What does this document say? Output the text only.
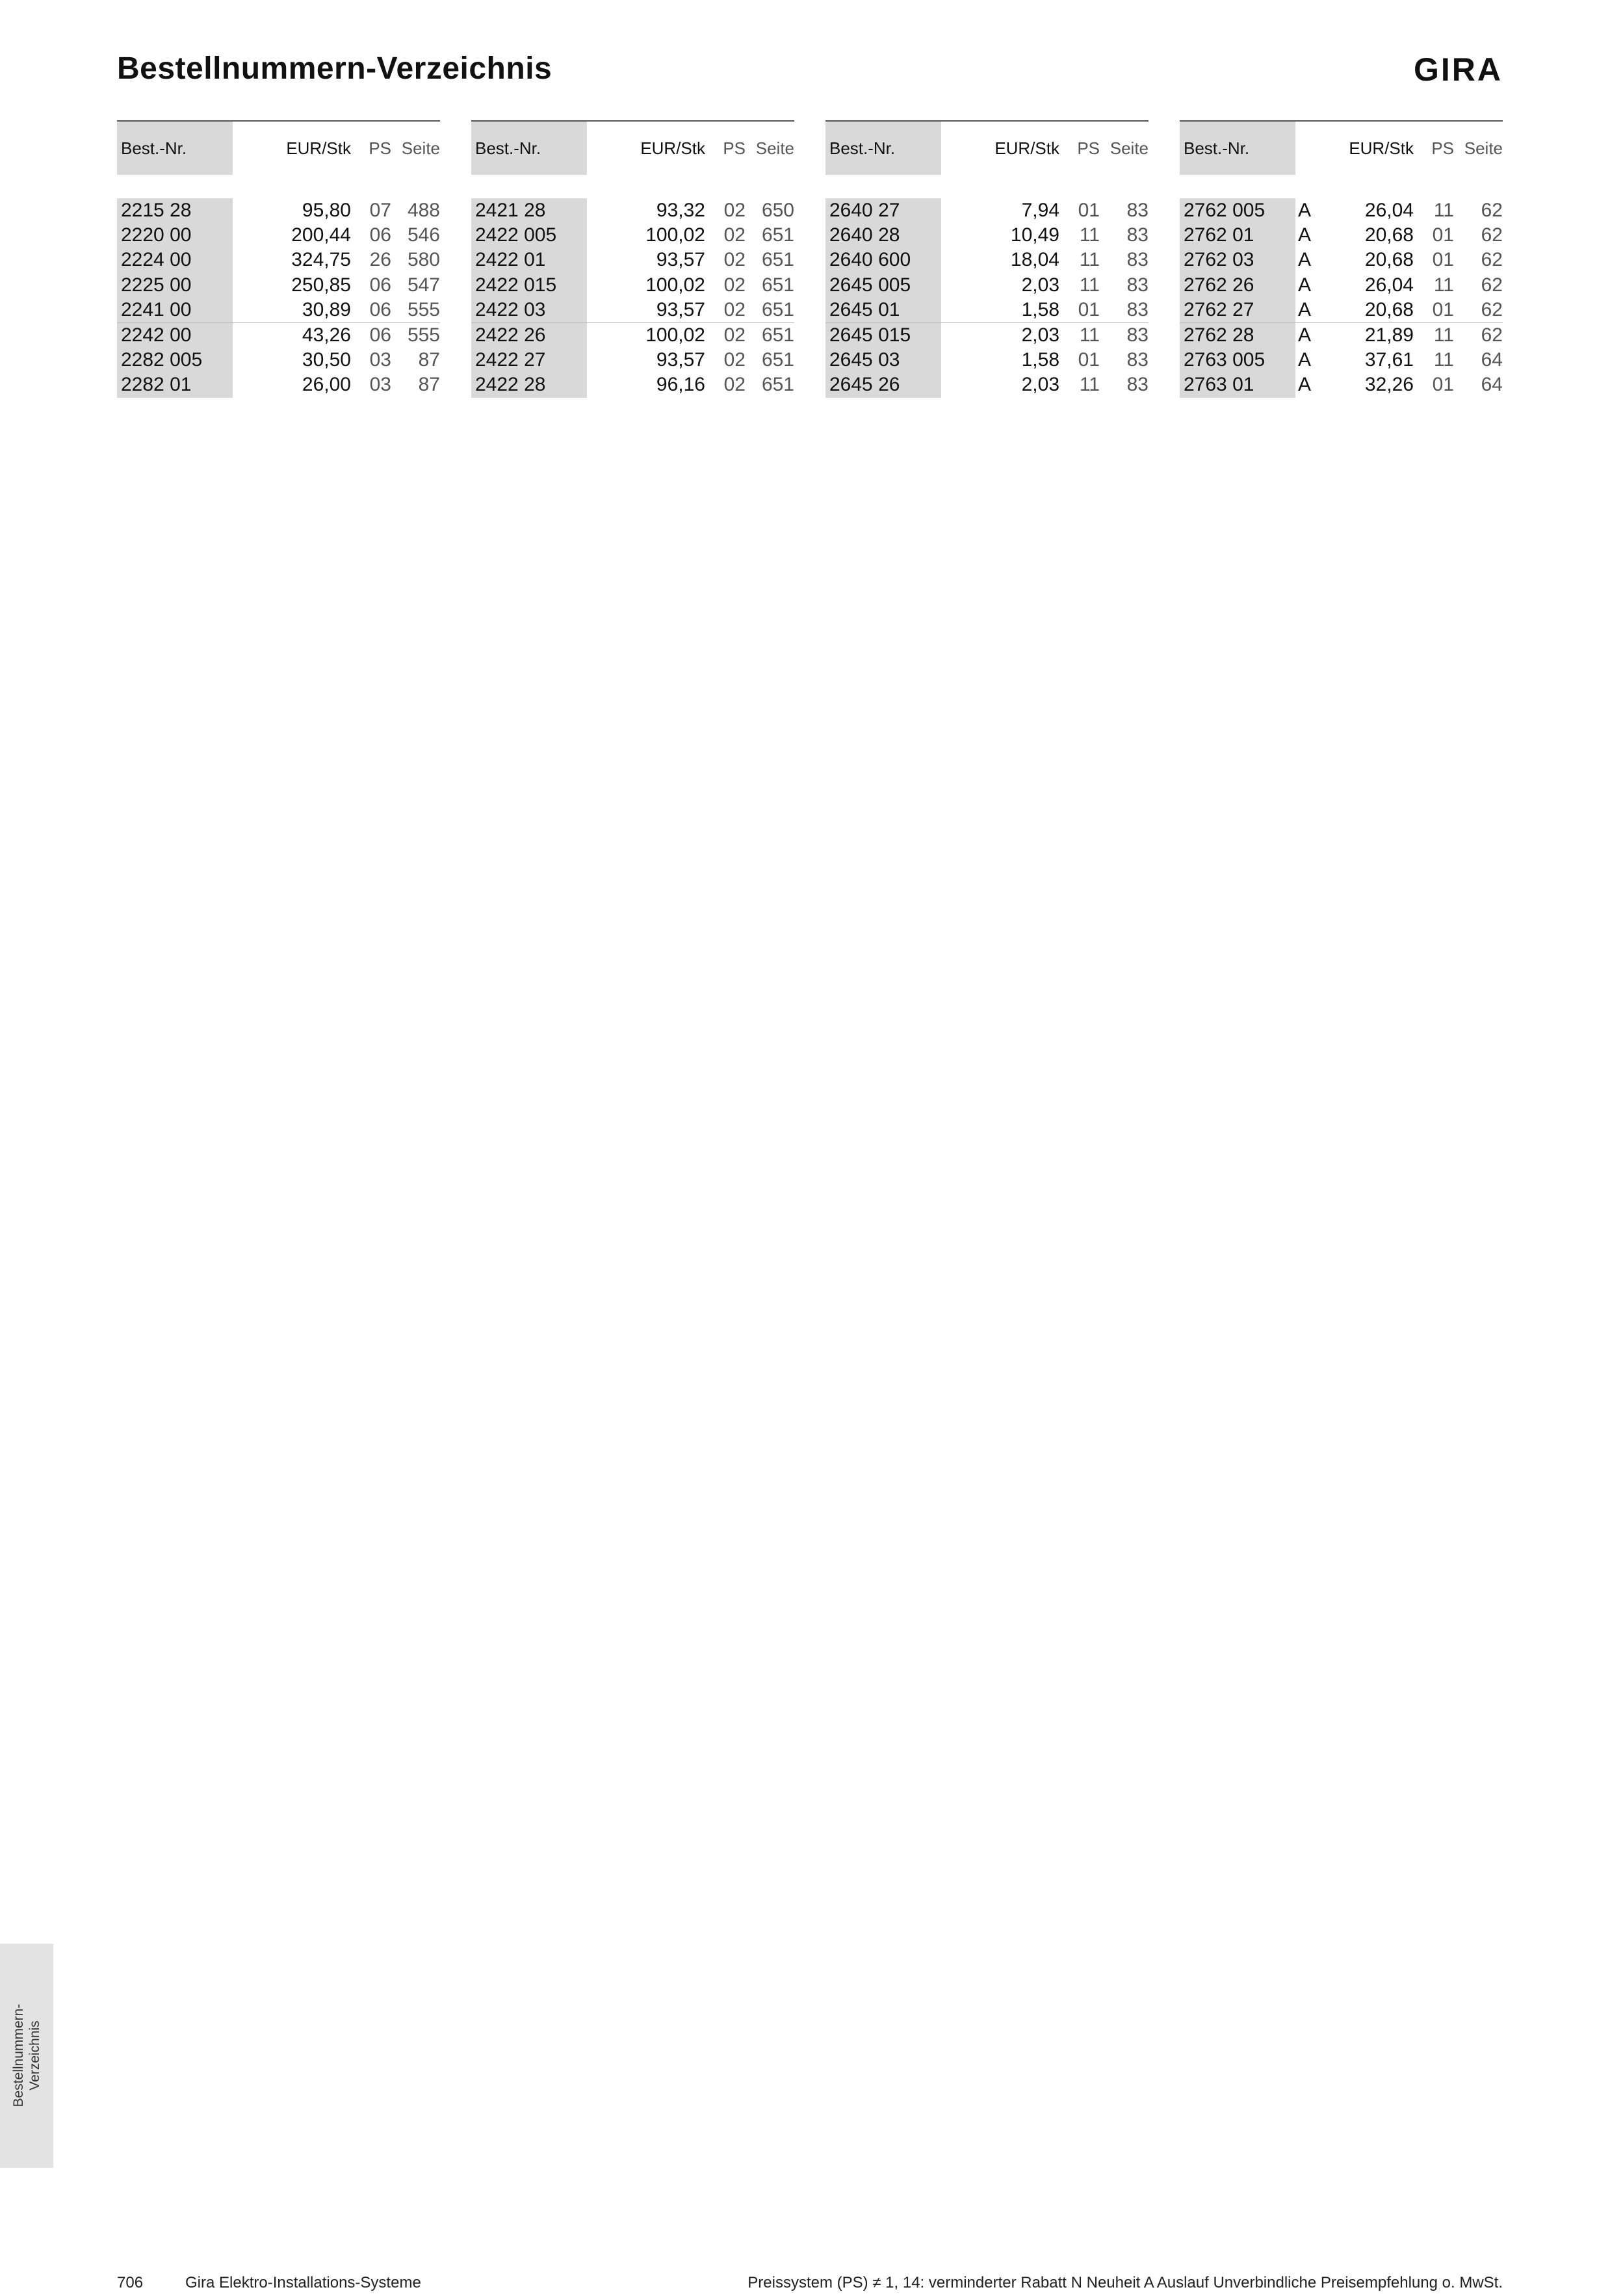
Bestellnummern-Verzeichnis	GIRA
Best.-Nr.	EUR/Stk	PS Seite
2215 28	95,80 07 488
2220 00	200,44 06 546
2224 00	324,75 26 580
2225 00	250,85 06 547
2241 00	30,89 06 555
2242 00	43,26 06 555
2282 005	30,50 03	87
2282 01	26,00 03	87
Best.-Nr.	EUR/Stk	PS Seite
2421 28	93,32 02 650
2422 005	100,02 02 651
2422 01	93,57 02 651
2422 015	100,02 02 651
2422 03	93,57 02 651
2422 26	100,02 02 651
2422 27	93,57 02 651
2422 28	96,16 02 651
Best.-Nr.	EUR/Stk	PS Seite
2640 27	7,94 01	83
2640 28	10,49	11	83
2640 600	18,04	11	83
2645 005	2,03	11	83
2645 01	1,58 01	83
2645 015	2,03	11	83
2645 03	1,58 01	83
2645 26	2,03	11	83
Best.-Nr.	EUR/Stk	PS Seite
2762 005	A	26,04	11	62
2762 01	A	20,68 01	62
2762 03	A	20,68 01	62
2762 26	A	26,04	11	62
2762 27	A	20,68 01	62
2762 28	A	21,89	11	62
2763 005	A	37,61	11	64
2763 01	A	32,26 01	64
Bestellnummern- Verzeichnis
706	Gira Elektro-Installations-Systeme	Preissystem (PS) ≠ 1, 14: verminderter Rabatt N Neuheit A Auslauf Unverbindliche Preisempfehlung o. MwSt.
